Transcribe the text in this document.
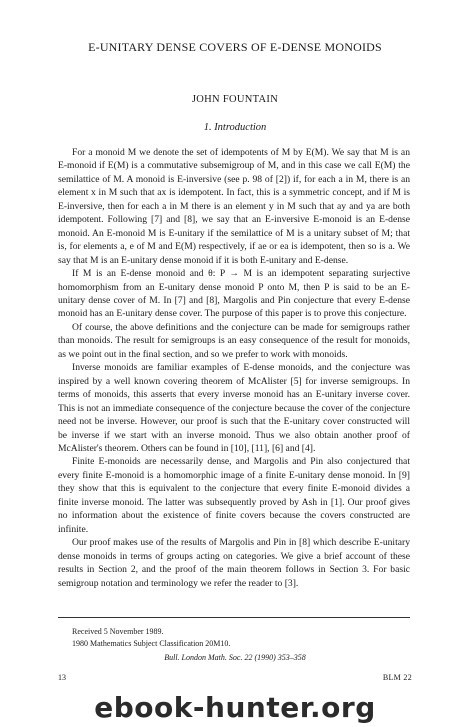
E-UNITARY DENSE COVERS OF E-DENSE MONOIDS
JOHN FOUNTAIN
1. Introduction

For a monoid M we denote the set of idempotents of M by E(M). We say that M is an E-monoid if E(M) is a commutative subsemigroup of M, and in this case we call E(M) the semilattice of M. A monoid is E-inversive (see p. 98 of [2]) if, for each a in M, there is an element x in M such that ax is idempotent. In fact, this is a symmetric concept, and if M is E-inversive, then for each a in M there is an element y in M such that ay and ya are both idempotent. Following [7] and [8], we say that an E-inversive E-monoid is an E-dense monoid. An E-monoid M is E-unitary if the semilattice of M is a unitary subset of M; that is, for elements a, e of M and E(M) respectively, if ae or ea is idempotent, then so is a. We say that M is an E-unitary dense monoid if it is both E-unitary and E-dense.

If M is an E-dense monoid and θ: P → M is an idempotent separating surjective homomorphism from an E-unitary dense monoid P onto M, then P is said to be an E-unitary dense cover of M. In [7] and [8], Margolis and Pin conjecture that every E-dense monoid has an E-unitary dense cover. The purpose of this paper is to prove this conjecture.

Of course, the above definitions and the conjecture can be made for semigroups rather than monoids. The result for semigroups is an easy consequence of the result for monoids, as we point out in the final section, and so we prefer to work with monoids.

Inverse monoids are familiar examples of E-dense monoids, and the conjecture was inspired by a well known covering theorem of McAlister [5] for inverse semigroups. In terms of monoids, this asserts that every inverse monoid has an E-unitary inverse cover. This is not an immediate consequence of the conjecture because the cover of the conjecture need not be inverse. However, our proof is such that the E-unitary cover constructed will be inverse if we start with an inverse monoid. Thus we also obtain another proof of McAlister's theorem. Others can be found in [10], [11], [6] and [4].

Finite E-monoids are necessarily dense, and Margolis and Pin also conjectured that every finite E-monoid is a homomorphic image of a finite E-unitary dense monoid. In [9] they show that this is equivalent to the conjecture that every finite E-monoid divides a finite inverse monoid. The latter was subsequently proved by Ash in [1]. Our proof gives no information about the existence of finite covers because the covers constructed are infinite.

Our proof makes use of the results of Margolis and Pin in [8] which describe E-unitary dense monoids in terms of groups acting on categories. We give a brief account of these results in Section 2, and the proof of the main theorem follows in Section 3. For basic semigroup notation and terminology we refer the reader to [3].

Received 5 November 1989.
1980 Mathematics Subject Classification 20M10.
Bull. London Math. Soc. 22 (1990) 353–358
13	BLM 22
ebook-hunter.org
